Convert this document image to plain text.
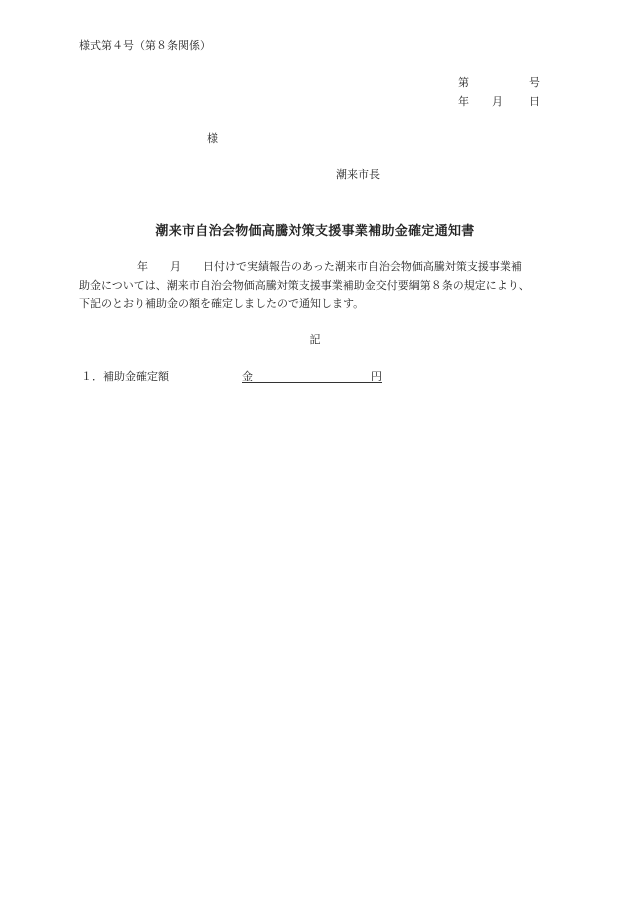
様式第４号（第８条関係）
第	号
年 月 日
様
潮来市長
潮来市自治会物価高騰対策支援事業補助金確定通知書
年 月 日付けで実績報告のあった潮来市自治会物価高騰対策支援事業補
助金については、潮来市自治会物価高騰対策支援事業補助金交付要綱第８条の規定により、
下記のとおり補助金の額を確定しましたので通知します。
記
１．補助金確定額	金	円
